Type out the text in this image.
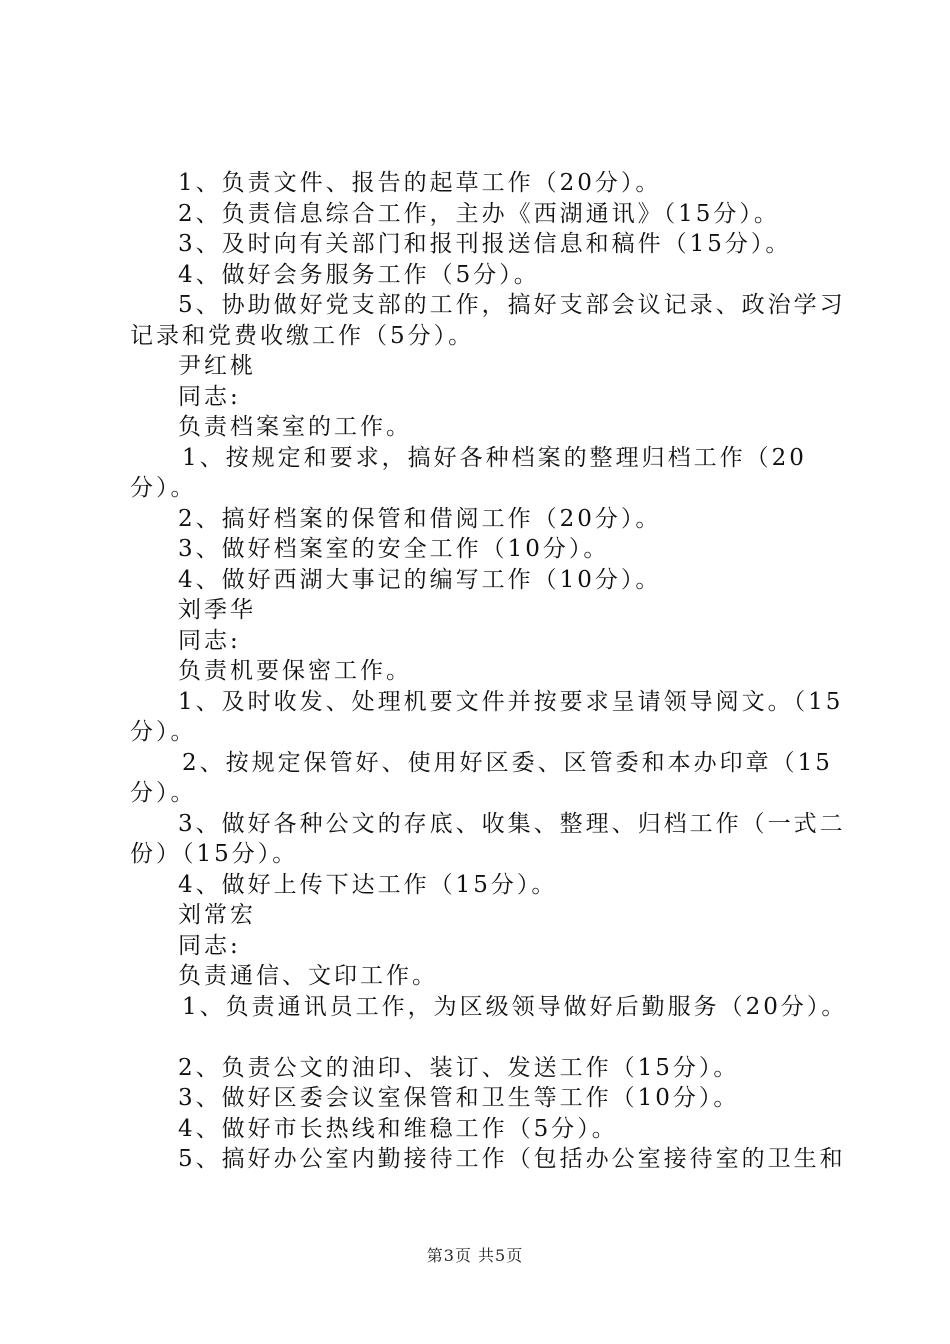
1、负责文件、报告的起草工作（20分）。
2、负责信息综合工作，主办《西湖通讯》（15分）。
3、及时向有关部门和报刊报送信息和稿件（15分）。
4、做好会务服务工作（5分）。
5、协助做好党支部的工作，搞好支部会议记录、政治学习
记录和党费收缴工作（5分）。
尹红桃
同志:
负责档案室的工作。
1、按规定和要求，搞好各种档案的整理归档工作（20
分）。
2、搞好档案的保管和借阅工作（20分）。
3、做好档案室的安全工作（10分）。
4、做好西湖大事记的编写工作（10分）。
刘季华
同志:
负责机要保密工作。
1、及时收发、处理机要文件并按要求呈请领导阅文。（15
分）。
2、按规定保管好、使用好区委、区管委和本办印章（15
分）。
3、做好各种公文的存底、收集、整理、归档工作（一式二
份）（15分）。
4、做好上传下达工作（15分）。
刘常宏
同志:
负责通信、文印工作。
1、负责通讯员工作，为区级领导做好后勤服务（20分）。
2、负责公文的油印、装订、发送工作（15分）。
3、做好区委会议室保管和卫生等工作（10分）。
4、做好市长热线和维稳工作（5分）。
5、搞好办公室内勤接待工作（包括办公室接待室的卫生和
第3页 共5页
